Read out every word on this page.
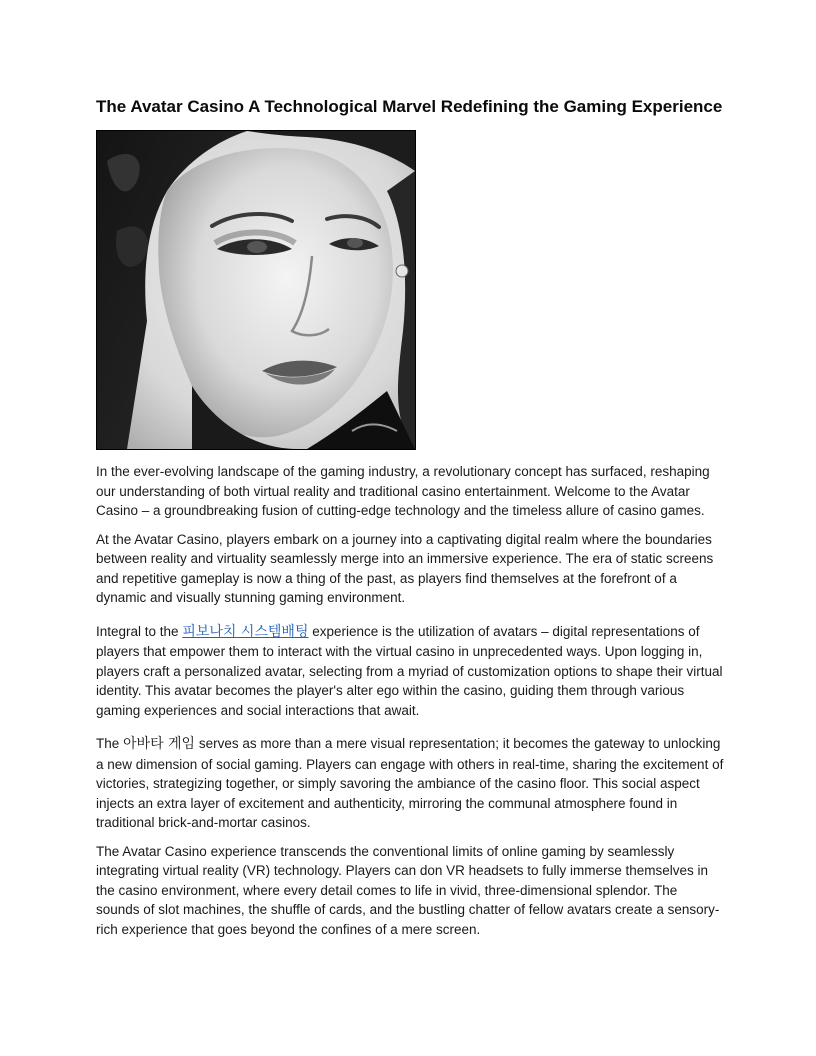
The Avatar Casino A Technological Marvel Redefining the Gaming Experience

In the ever-evolving landscape of the gaming industry, a revolutionary concept has surfaced, reshaping our understanding of both virtual reality and traditional casino entertainment. Welcome to the Avatar Casino – a groundbreaking fusion of cutting-edge technology and the timeless allure of casino games.

At the Avatar Casino, players embark on a journey into a captivating digital realm where the boundaries between reality and virtuality seamlessly merge into an immersive experience. The era of static screens and repetitive gameplay is now a thing of the past, as players find themselves at the forefront of a dynamic and visually stunning gaming environment.

Integral to the 피보나치 시스템배팅 experience is the utilization of avatars – digital representations of players that empower them to interact with the virtual casino in unprecedented ways. Upon logging in, players craft a personalized avatar, selecting from a myriad of customization options to shape their virtual identity. This avatar becomes the player's alter ego within the casino, guiding them through various gaming experiences and social interactions that await.

The 아바타 게임 serves as more than a mere visual representation; it becomes the gateway to unlocking a new dimension of social gaming. Players can engage with others in real-time, sharing the excitement of victories, strategizing together, or simply savoring the ambiance of the casino floor. This social aspect injects an extra layer of excitement and authenticity, mirroring the communal atmosphere found in traditional brick-and-mortar casinos.

The Avatar Casino experience transcends the conventional limits of online gaming by seamlessly integrating virtual reality (VR) technology. Players can don VR headsets to fully immerse themselves in the casino environment, where every detail comes to life in vivid, three-dimensional splendor. The sounds of slot machines, the shuffle of cards, and the bustling chatter of fellow avatars create a sensory-rich experience that goes beyond the confines of a mere screen.
